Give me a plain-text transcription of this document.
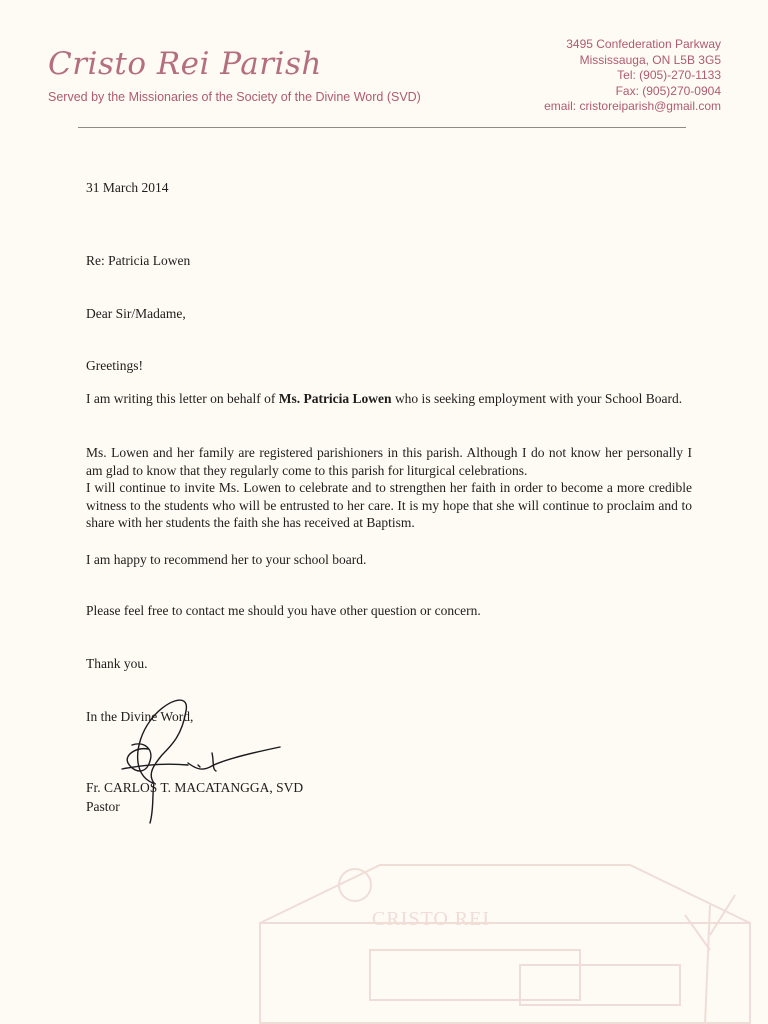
Cristo Rei Parish
Served by the Missionaries of the Society of the Divine Word (SVD)
3495 Confederation Parkway
Mississauga, ON L5B 3G5
Tel: (905)-270-1133
Fax: (905)270-0904
email: cristoreiparish@gmail.com
31 March 2014
Re: Patricia Lowen
Dear Sir/Madame,
Greetings!
I am writing this letter on behalf of Ms. Patricia Lowen who is seeking employment with your School Board.
Ms. Lowen and her family are registered parishioners in this parish. Although I do not know her personally I am glad to know that they regularly come to this parish for liturgical celebrations.
I will continue to invite Ms. Lowen to celebrate and to strengthen her faith in order to become a more credible witness to the students who will be entrusted to her care. It is my hope that she will continue to proclaim and to share with her students the faith she has received at Baptism.
I am happy to recommend her to your school board.
Please feel free to contact me should you have other question or concern.
Thank you.
In the Divine Word,
Fr. CARLOS T. MACATANGGA, SVD
Pastor
CRISTO REI
